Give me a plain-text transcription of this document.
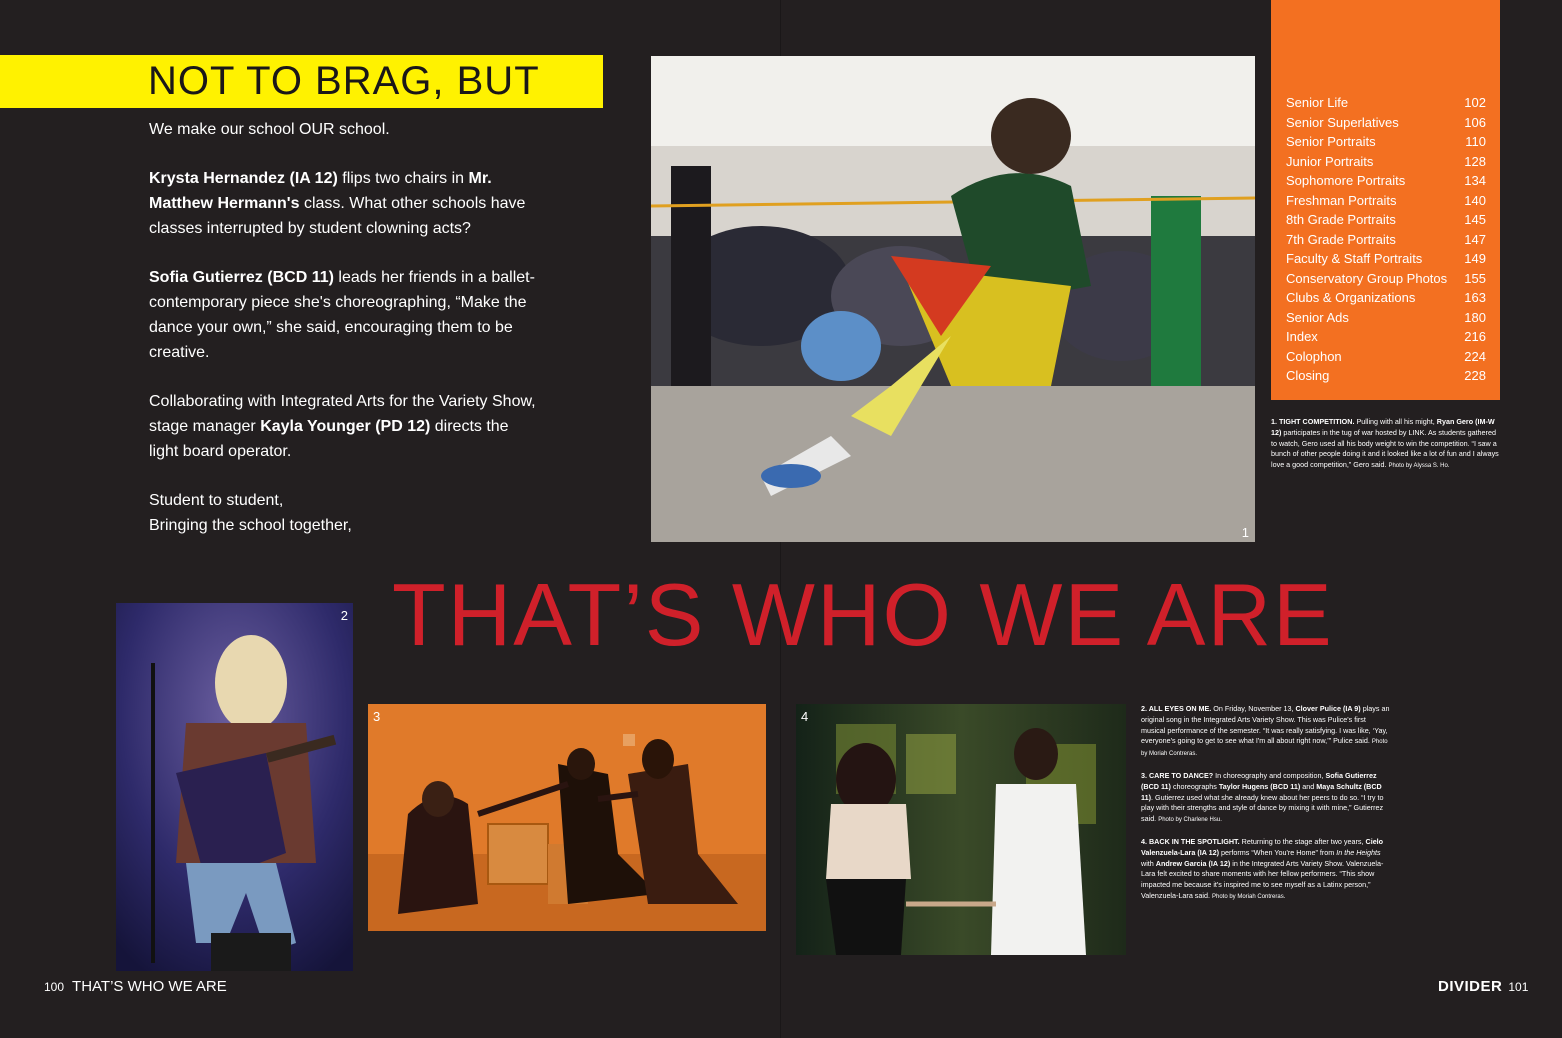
NOT TO BRAG, BUT

We make our school OUR school.

Krysta Hernandez (IA 12) flips two chairs in Mr. Matthew Hermann's class. What other schools have classes interrupted by student clowning acts?

Sofia Gutierrez (BCD 11) leads her friends in a ballet-contemporary piece she's choreographing, “Make the dance your own,” she said, encouraging them to be creative.

Collaborating with Integrated Arts for the Variety Show, stage manager Kayla Younger (PD 12) directs the light board operator.

Student to student,
Bringing the school together,	1
Senior Life	102
Senior Superlatives	106
Senior Portraits	110
Junior Portraits	128
Sophomore Portraits	134
Freshman Portraits	140
8th Grade Portraits	145
7th Grade Portraits	147
Faculty & Staff Portraits	149
Conservatory Group Photos 155
Clubs & Organizations	163
Senior Ads	180
Index	216
Colophon	224
Closing	228

1. TIGHT COMPETITION. Pulling with all his might, Ryan Gero (IM-W 12) participates in the tug of war hosted by LINK. As students gathered to watch, Gero used all his body weight to win the competition. “I saw a bunch of other people doing it and it looked like a lot of fun and I always love a good competition,” Gero said. Photo by Alyssa S. Ho.

THAT’S WHO WE ARE
2
3	4

2. ALL EYES ON ME. On Friday, November 13, Clover Pulice (IA 9) plays an original song in the Integrated Arts Variety Show. This was Pulice's first musical performance of the semester. “It was really satisfying. I was like, ‘Yay, everyone's going to get to see what I'm all about right now,’” Pulice said. Photo by Moriah Contreras.

3. CARE TO DANCE? In choreography and composition, Sofia Gutierrez (BCD 11) choreographs Taylor Hugens (BCD 11) and Maya Schultz (BCD 11). Gutierrez used what she already knew about her peers to do so. “I try to play with their strengths and style of dance by mixing it with mine,” Gutierrez said. Photo by Charlene Hsu.

4. BACK IN THE SPOTLIGHT. Returning to the stage after two years, Cielo Valenzuela-Lara (IA 12) performs “When You're Home” from In the Heights with Andrew Garcia (IA 12) in the Integrated Arts Variety Show. Valenzuela-Lara felt excited to share moments with her fellow performers. “This show impacted me because it's inspired me to see myself as a Latinx person,” Valenzuela-Lara said. Photo by Moriah Contreras.

100 THAT’S WHO WE ARE	DIVIDER 101
